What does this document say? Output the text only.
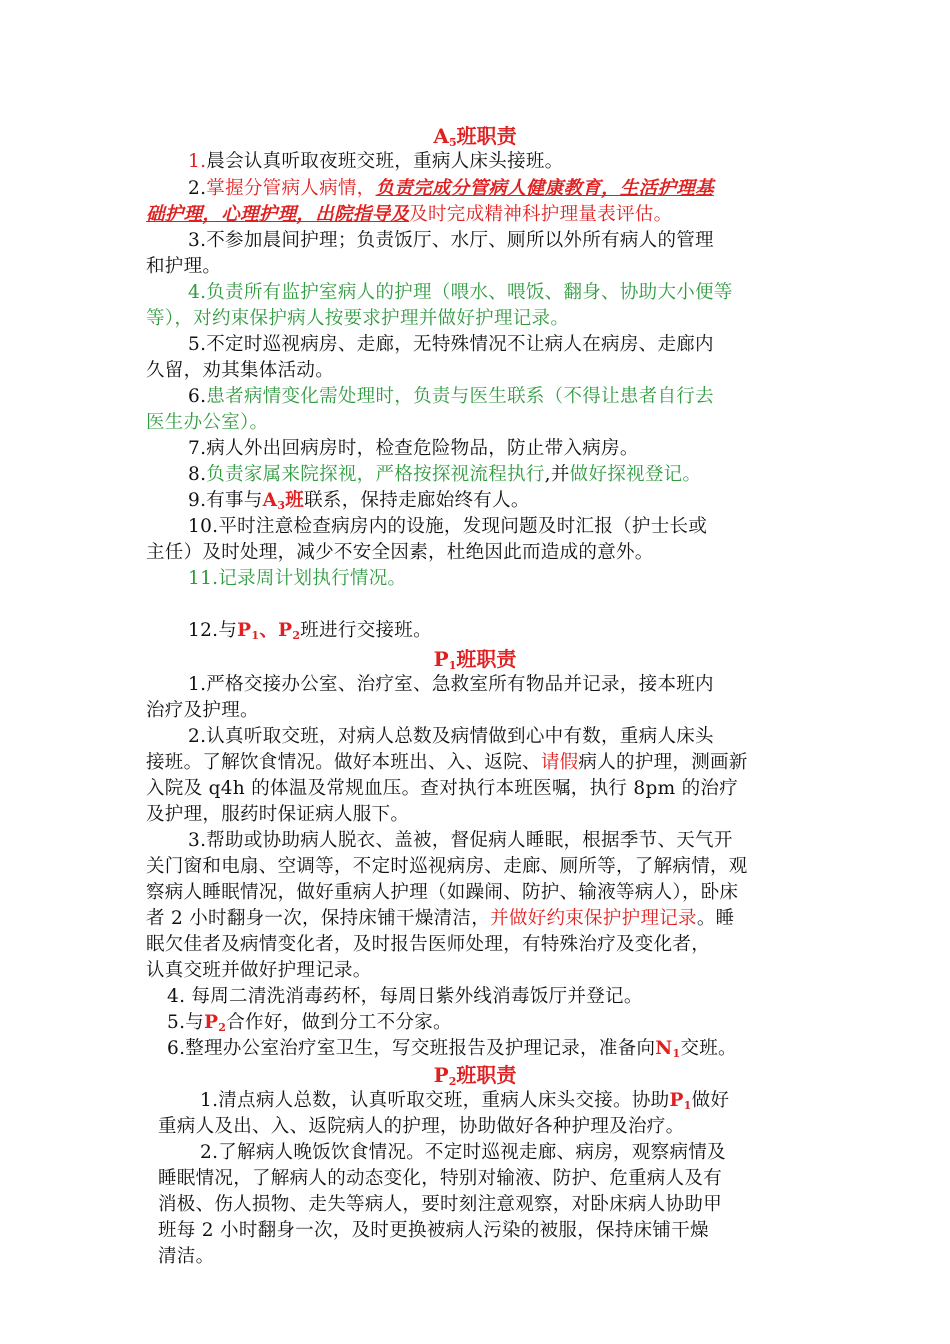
$A_5$班职责
1.晨会认真听取夜班交班，重病人床头接班。
2.掌握分管病人病情，负责完成分管病人健康教育，生活护理基
础护理，心理护理，出院指导及及时完成精神科护理量表评估。
3.不参加晨间护理；负责饭厅、水厅、厕所以外所有病人的管理
和护理。
4.负责所有监护室病人的护理（喂水、喂饭、翻身、协助大小便等
等），对约束保护病人按要求护理并做好护理记录。
5.不定时巡视病房、走廊，无特殊情况不让病人在病房、走廊内
久留，劝其集体活动。
6.患者病情变化需处理时，负责与医生联系（不得让患者自行去
医生办公室）。
7.病人外出回病房时，检查危险物品，防止带入病房。
8.负责家属来院探视，严格按探视流程执行,并做好探视登记。
9.有事与$A_3$班联系，保持走廊始终有人。
10.平时注意检查病房内的设施，发现问题及时汇报（护士长或
主任）及时处理，减少不安全因素，杜绝因此而造成的意外。
11.记录周计划执行情况。
12.与$P_1$、$P_2$班进行交接班。
$P_1$班职责
1.严格交接办公室、治疗室、急救室所有物品并记录，接本班内
治疗及护理。
2.认真听取交班，对病人总数及病情做到心中有数，重病人床头
接班。了解饮食情况。做好本班出、入、返院、请假病人的护理，测画新
入院及 q4h 的体温及常规血压。查对执行本班医嘱，执行 8pm 的治疗
及护理，服药时保证病人服下。
3.帮助或协助病人脱衣、盖被，督促病人睡眠，根据季节、天气开
关门窗和电扇、空调等，不定时巡视病房、走廊、厕所等，了解病情，观
察病人睡眠情况，做好重病人护理（如躁闹、防护、输液等病人），卧床
者 2 小时翻身一次，保持床铺干燥清洁，并做好约束保护护理记录。睡
眠欠佳者及病情变化者，及时报告医师处理，有特殊治疗及变化者，
认真交班并做好护理记录。
4. 每周二清洗消毒药杯，每周日紫外线消毒饭厅并登记。
5.与$P_2$合作好，做到分工不分家。
6.整理办公室治疗室卫生，写交班报告及护理记录，准备向$N_1$交班。
$P_2$班职责
1.清点病人总数，认真听取交班，重病人床头交接。协助$P_1$做好
重病人及出、入、返院病人的护理，协助做好各种护理及治疗。
2.了解病人晚饭饮食情况。不定时巡视走廊、病房，观察病情及
睡眠情况，了解病人的动态变化，特别对输液、防护、危重病人及有
消极、伤人损物、走失等病人，要时刻注意观察，对卧床病人协助甲
班每 2 小时翻身一次，及时更换被病人污染的被服，保持床铺干燥
清洁。
